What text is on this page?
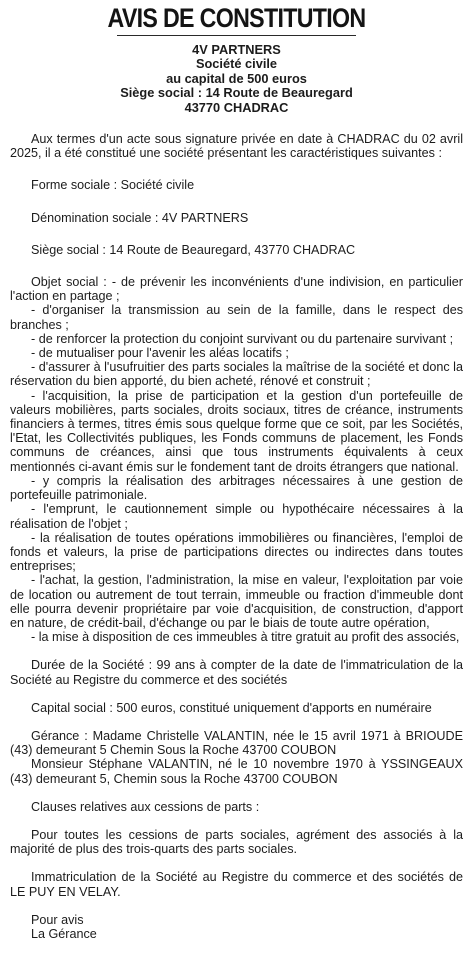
AVIS DE CONSTITUTION
4V PARTNERS
Société civile
au capital de 500 euros
Siège social : 14 Route de Beauregard
43770 CHADRAC

Aux termes d'un acte sous signature privée en date à CHADRAC du 02 avril 2025, il a été constitué une société présentant les caractéristiques suivantes :

Forme sociale : Société civile

Dénomination sociale : 4V PARTNERS

Siège social : 14 Route de Beauregard, 43770 CHADRAC

Objet social : - de prévenir les inconvénients d'une indivision, en particulier l'action en partage ;

- d'organiser la transmission au sein de la famille, dans le respect des branches ;

- de renforcer la protection du conjoint survivant ou du partenaire survivant ;

- de mutualiser pour l'avenir les aléas locatifs ;

- d'assurer à l'usufruitier des parts sociales la maîtrise de la société et donc la réservation du bien apporté, du bien acheté, rénové et construit ;

- l'acquisition, la prise de participation et la gestion d'un portefeuille de valeurs mobilières, parts sociales, droits sociaux, titres de créance, instruments financiers à termes, titres émis sous quelque forme que ce soit, par les Sociétés, l'Etat, les Collectivités publiques, les Fonds communs de placement, les Fonds communs de créances, ainsi que tous instruments équivalents à ceux mentionnés ci-avant émis sur le fondement tant de droits étrangers que national.

- y compris la réalisation des arbitrages nécessaires à une gestion de portefeuille patrimoniale.

- l'emprunt, le cautionnement simple ou hypothécaire nécessaires à la réalisation de l'objet ;

- la réalisation de toutes opérations immobilières ou financières, l'emploi de fonds et valeurs, la prise de participations directes ou indirectes dans toutes entreprises;

- l'achat, la gestion, l'administration, la mise en valeur, l'exploitation par voie de location ou autrement de tout terrain, immeuble ou fraction d'immeuble dont elle pourra devenir propriétaire par voie d'acquisition, de construction, d'apport en nature, de crédit-bail, d'échange ou par le biais de toute autre opération,

- la mise à disposition de ces immeubles à titre gratuit au profit des associés,

Durée de la Société : 99 ans à compter de la date de l'immatriculation de la Société au Registre du commerce et des sociétés

Capital social : 500 euros, constitué uniquement d'apports en numéraire

Gérance : Madame Christelle VALANTIN, née le 15 avril 1971 à BRIOUDE (43) demeurant 5 Chemin Sous la Roche 43700 COUBON

Monsieur Stéphane VALANTIN, né le 10 novembre 1970 à YSSINGEAUX (43) demeurant 5, Chemin sous la Roche 43700 COUBON

Clauses relatives aux cessions de parts :

Pour toutes les cessions de parts sociales, agrément des associés à la majorité de plus des trois-quarts des parts sociales.

Immatriculation de la Société au Registre du commerce et des sociétés de LE PUY EN VELAY.

Pour avis

La Gérance
